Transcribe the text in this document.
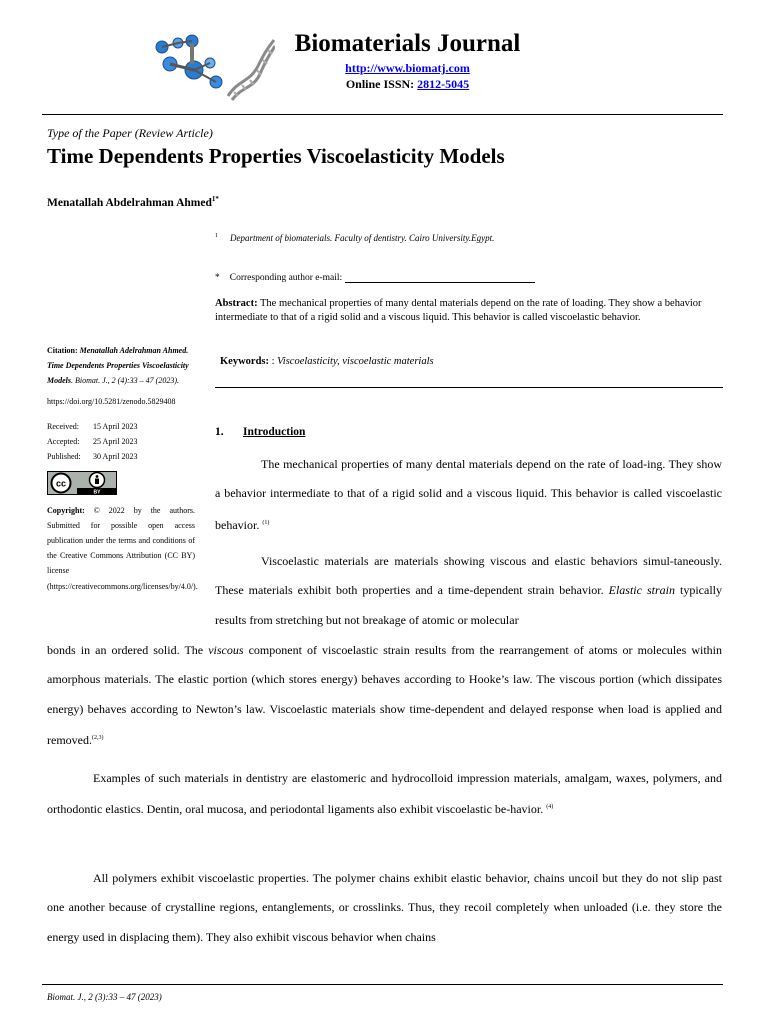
Biomaterials Journal
http://www.biomatj.com
Online ISSN: 2812-5045
Type of the Paper (Review Article)
Time Dependents Properties Viscoelasticity Models
Menatallah Abdelrahman Ahmed$^{1*}$
$^1$ Department of biomaterials. Faculty of dentistry. Cairo University.Egypt.
* Corresponding author e-mail:
Abstract: The mechanical properties of many dental materials depend on the rate of loading. They show a behavior intermediate to that of a rigid solid and a viscous liquid. This behavior is called viscoelastic behavior.
Keywords: : Viscoelasticity, viscoelastic materials

Citation: Menatallah Adelrahman Ahmed. Time Dependents Properties Viscoelasticity Models. Biomat. J., 2 (4):33 – 47 (2023).

https://doi.org/10.5281/zenodo.5829408

Received:	15 April 2023
Accepted:	25 April 2023
Published:	30 April 2023
cc
BY

Copyright: © 2022 by the authors. Submitted for possible open access publication under the terms and conditions of the Creative Commons Attribution (CC BY) license (https://creativecommons.org/licenses/by/4.0/).

1. Introduction
The mechanical properties of many dental materials depend on the rate of load-ing. They show a behavior intermediate to that of a rigid solid and a viscous liquid. This behavior is called viscoelastic behavior. $^{(1)}$
Viscoelastic materials are materials showing viscous and elastic behaviors simul-taneously. These materials exhibit both properties and a time-dependent strain behavior. Elastic strain typically results from stretching but not breakage of atomic or molecular
bonds in an ordered solid. The viscous component of viscoelastic strain results from the rearrangement of atoms or molecules within amorphous materials. The elastic portion (which stores energy) behaves according to Hooke’s law. The viscous portion (which dissipates energy) behaves according to Newton’s law. Viscoelastic materials show time-dependent and delayed response when load is applied and removed.$^{(2,3)}$
Examples of such materials in dentistry are elastomeric and hydrocolloid impression materials, amalgam, waxes, polymers, and orthodontic elastics. Dentin, oral mucosa, and periodontal ligaments also exhibit viscoelastic be-havior. $^{(4)}$
All polymers exhibit viscoelastic properties. The polymer chains exhibit elastic behavior, chains uncoil but they do not slip past one another because of crystalline regions, entanglements, or crosslinks. Thus, they recoil completely when unloaded (i.e. they store the energy used in displacing them). They also exhibit viscous behavior when chains
Biomat. J., 2 (3):33 – 47 (2023)
